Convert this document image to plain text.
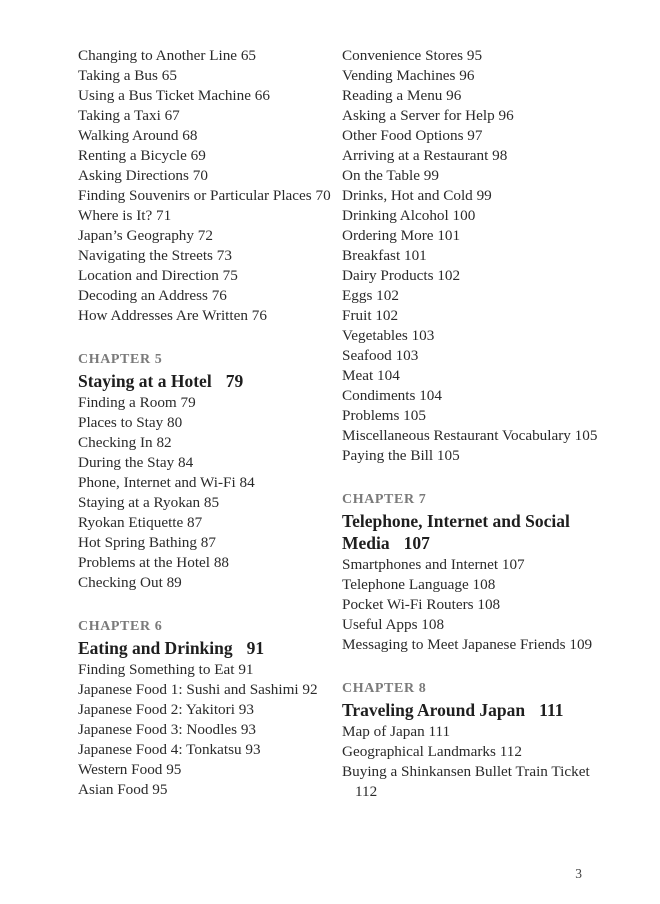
Changing to Another Line 65
Taking a Bus 65
Using a Bus Ticket Machine 66
Taking a Taxi 67
Walking Around 68
Renting a Bicycle 69
Asking Directions 70
Finding Souvenirs or Particular Places 70
Where is It? 71
Japan’s Geography 72
Navigating the Streets 73
Location and Direction 75
Decoding an Address 76
How Addresses Are Written 76
CHAPTER 5
Staying at a Hotel 79
Finding a Room 79
Places to Stay 80
Checking In 82
During the Stay 84
Phone, Internet and Wi-Fi 84
Staying at a Ryokan 85
Ryokan Etiquette 87
Hot Spring Bathing 87
Problems at the Hotel 88
Checking Out 89
CHAPTER 6
Eating and Drinking 91
Finding Something to Eat 91
Japanese Food 1: Sushi and Sashimi 92
Japanese Food 2: Yakitori 93
Japanese Food 3: Noodles 93
Japanese Food 4: Tonkatsu 93
Western Food 95
Asian Food 95
Convenience Stores 95
Vending Machines 96
Reading a Menu 96
Asking a Server for Help 96
Other Food Options 97
Arriving at a Restaurant 98
On the Table 99
Drinks, Hot and Cold 99
Drinking Alcohol 100
Ordering More 101
Breakfast 101
Dairy Products 102
Eggs 102
Fruit 102
Vegetables 103
Seafood 103
Meat 104
Condiments 104
Problems 105
Miscellaneous Restaurant Vocabulary 105
Paying the Bill 105
CHAPTER 7
Telephone, Internet and Social Media 107
Smartphones and Internet 107
Telephone Language 108
Pocket Wi-Fi Routers 108
Useful Apps 108
Messaging to Meet Japanese Friends 109
CHAPTER 8
Traveling Around Japan 111
Map of Japan 111
Geographical Landmarks 112
Buying a Shinkansen Bullet Train Ticket 112
3
